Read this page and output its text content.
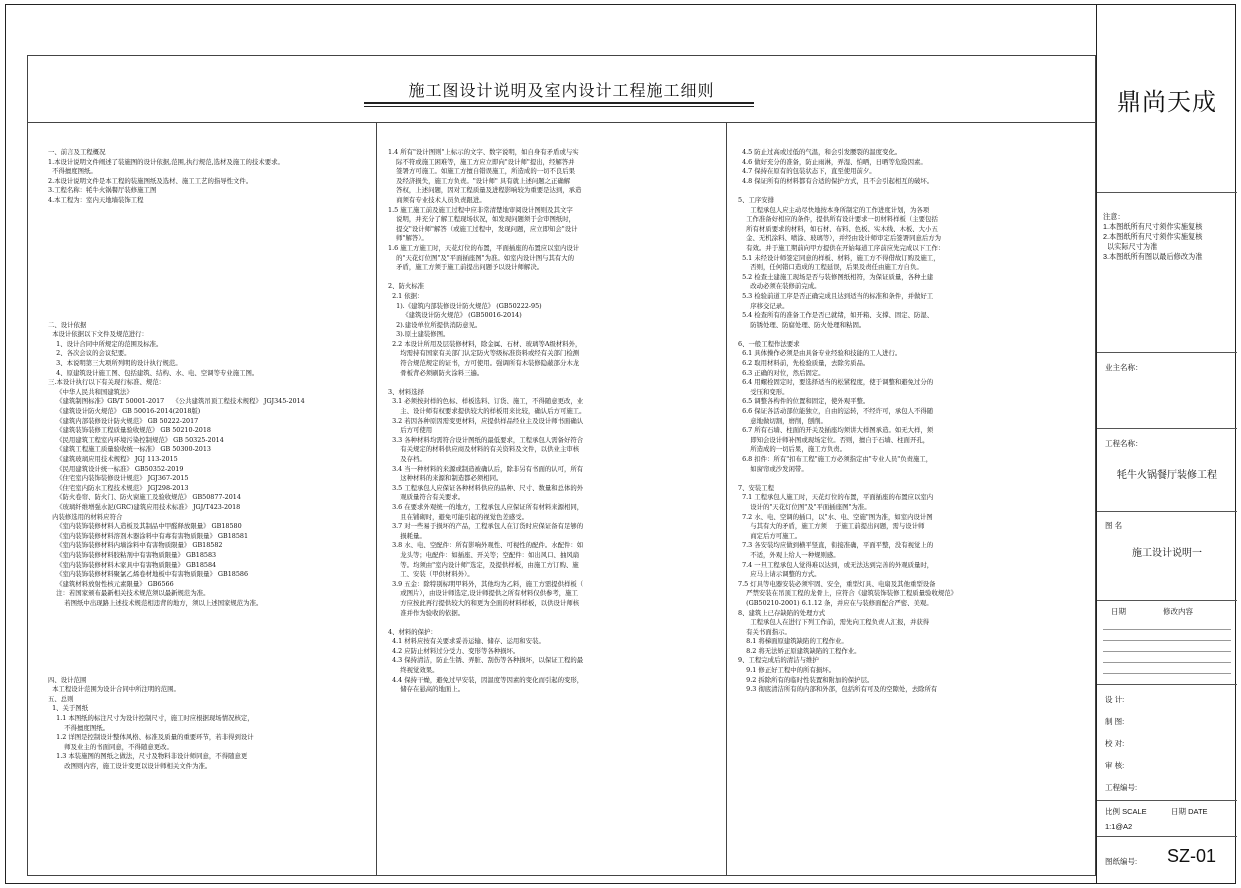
施工图设计说明及室内设计工程施工细则
一、前言及工程概况
1.本设计说明文件阐述了装施图的设计依据,范围,执行规范,选材及施工的技术要求。
不得擅度图纸。
2.本设计说明文件是本工程的装施图纸及选材、施工工艺的指导性文件。
3.工程名称：牦牛火锅餐厅装修施工图
4.本工程为：室内天地墙装饰工程

二、设计依据
本设计依据以下文件及规范进行：
1、设计合同中所规定的范围及标准。
2、各次会议的会议纪要。
3、本说明第三大项所列明的设计执行规范。
4、原建筑设计施工图、包括建筑、结构、水、电、空调等专业施工图。
三.本设计执行以下有关现行标准、规范：
《中华人民共和国建筑法》
《建筑制图标准》GB/T 50001-2017    《公共建筑吊顶工程技术规程》 JGJ345-2014
《建筑设计防火规范》 GB 50016-2014(2018版)
《建筑内部装修设计防火规范》 GB 50222-2017
《建筑装饰装修工程质量验收规范》 GB 50210-2018
《民用建筑工程室内环境污染控制规范》 GB 50325-2014
《建筑工程施工质量验收统一标准》 GB 50300-2013
《建筑玻璃应用技术规程》 JGJ 113-2015
《民用建筑设计统一标准》 GB50352-2019
《住宅室内装饰装修设计规范》 JGJ367-2015
《住宅室内防水工程技术规范》 JGJ298-2013
《防火卷帘、防火门、防火窗施工及验收规范》 GB50877-2014
《玻璃纤维增强水泥(GRC)建筑应用技术标准》 JGJ/T423-2018
内装修选用的材料应符合
《室内装饰装修材料人造板及其制品中甲醛释放限量》 GB18580
《室内装饰装修材料溶剂木器涂料中有毒有害物质限量》 GB18581
《室内装饰装修材料内墙涂料中有害物质限量》 GB18582
《室内装饰装修材料胶粘剂中有害物质限量》 GB18583
《室内装饰装修材料木家具中有害物质限量》 GB18584
《室内装饰装修材料聚氯乙烯卷材地板中有害物质限量》 GB18586
《建筑材料放射性核元素限量》 GB6566
注：若国家颁布最新相关技术规范须以最新规范为准。
若图纸中出现路上述技术规范相违背的地方，须以上述国家规范为准。

四、设计范围
本工程设计范围为设计合同中所注明的范围。
五、总则
1、关于图纸
1.1 本图纸的标注尺寸为设计控制尺寸，施工时应根据现场情况核定，
不得擅度图纸。
1.2 详图是控制设计整体风格、标准及质量的重要环节，若非得到设计
师及业主的书面同意，不得随意更改。
1.3 本装施图的图纸之做法，尺寸及物料非设计师同意，不得随意更
改图则内容，施工设计变更以设计师相关文件为准。
1.4 所有"设计图则"上标示的文字、数字说明，如自身有矛盾或与实
际不符或施工困难等，施工方应立即向"设计师"提出，经解答并
签署方可施工。如施工方擅自错误施工，所造成的一切不良后果
及经济损失，施工方负责。"设计师" 具有就上述问题之正确解
答权，上述问题，因对工程质量及进程影响较为重要是达到，承造
商须有专业技术人员负责跟进。
1.5 施工施工前及施工过程中应非常清楚地审阅设计图则及其文字
说明，并充分了解工程现场状况，如发现问题须于会审图纸时，
提交"设计师"解答（或施工过程中，发现问题，应立即知会"设计
师"解答）。
1.6 施工方施工时，天花灯位的布置，平面插座的布置应以室内设计
的"天花灯位图"及"平面插座图"为准。如室内设计图与其有大的
矛盾，施工方须于施工前提出问题予以设计师解决。

2、防火标准
2.1 依据：
1).《建筑内部装修设计防火规范》 (GB50222-95)
《建筑设计防火规范》 (GB50016-2014)
2).建设单位所提供消防意见。
3).原土建装修图。
2.2 本设计所用及层装修材料，除金属、石材、玻璃等A级材料外，
均需持有国家有关部门认定防火等级标准资料或经有关部门检测
符合规范规定的证书，方可使用。强调所有木装修隐蔽部分木龙
骨板背必须刷防火涂料三遍。

3、材料选择
3.1 必须按封样的色标、样板选料、订货、施工，不得随意更改，业
主、设计师有权要求提供较大的样板用来比较，确认后方可施工。
3.2 若因各种原因需变更材料，应提供样品经业主及设计师书面确认
后方可使用
3.3 各种材料均需符合设计图纸的最低要求，工程承包人需备好符合
有关规定的材料供应商及材料的有关资料及文件，以供业主审核
及存档。
3.4 当一种材料的来源或制造被确认后，除非另有书面的认可，所有
这种材料的来源和制造都必须相同。
3.5 工程承包人应保证各种材料供应的品种、尺寸、数量和总体的外
观质量符合有关要求。
3.6 在要求外观统一的地方，工程承包人应保证所有材料来源相同，
且在铺砌时，避免可能引起的视觉色差感受。
3.7 对一些易于损坏的产品，工程承包人在订货时应保证备有足够的
损耗量。
3.8 水、电、空配件：所有影响外观性、可视性的配件。水配件：如
龙头等；电配件：如插座、开关等；空配件：如出风口、抽风扇
等。均须由"室内设计师"选定，及提供样板，由施工方订购、施
工、安装（甲供材料外）。
3.9 五金：除特别标明甲料外，其他均为乙料，施工方需提供样板（
或图片），由设计师选定,设计师提供之所有材料仅供参考，施工
方应按此再行提供较大的和更为全面的材料样板，以供设计师核
准并作为验收的依据。

4、材料的保护：
4.1 材料应按有关要求妥善运输、储存、运用和安装。
4.2 应防止材料过分受力、变形等各种损坏。
4.3 保持清洁，防止生锈、弄脏、刮伤等各种损坏，以保证工程的最
终视觉效果。
4.4 保持干燥，避免过早安装，因温度等因素的变化而引起的变形，
储存在悬高的地面上。
4.5 防止过高或过低的气温，和会引发腰裂的温度变化。
4.6 做好充分的准备，防止雨淋，弄湿、怕晒，日晒等危险因素。
4.7 保持在原有的包装状态下，直至使用前夕。
4.8 保证所有的材料都有合适的保护方式，且不会引起相互的破坏。

5、工序安排
工程承包人应主动尽快地按本身所制定的工作进度计划，为各项
工作准备好相应的条件，提供所有设计要求一切材料样板（主要包括
所有材质要求的材料，如石材、布料、色板、实木线、木板、大小五
金、无机涂料、喷涂、玻璃等），并经由设计师审定后签署同意后方为
有效。并于施工期前向甲方提供在开始每道工序前应先完成以下工作：
5.1 未经设计师签定同意的样板、材料，施工方不得借故订购及施工，
否则，任何错口造成的工程延误，后果及责任由施工方自负。
5.2 检查土建施工现场是否与装修图纸相符，为保证质量，各种土建
改动必须在装修前完成。
5.3 检验前道工序是否正确完成且达到适当的标准和条件，并做好工
序移交记录。
5.4 检查所有的准备工作是否已就绪，如开箱、支撑、固定、防湿、
防锈处理、防腐处理、防火处理和粘固。

6、一般工程作法要求
6.1 具体操作必须是由具备专业经验和技能的工人进行。
6.2 取用材料前，先检验质量，去除劣质品。
6.3 正确的对位，然后固定。
6.4 用螺栓固定时，要选择适当的松紧程度，使于调整和避免过分的
受压和变形。
6.5 调整各构件的位置和固定，使外观平整。
6.6 保证各活动部位能独立，自由的运转，不经许可，承包人不得随
意地做切割，磨削，刨削。
6.7 所有石墙、柱面的开关及插座均须讲大样图承造。如无大样，须
即知会设计师补图或现场定位。否则，擅自于石墙、柱面开孔，
所造成的一切后果，施工方负责。
6.8 扣件：所有"扣布工程"施工方必须指定由"专业人员"负责施工，
如窗帘或沙发闲带。

7、安装工程
7.1 工程承包人施工时，天花灯位的布置，平面插座的布置应以室内
设计的"天花灯位图"及"平面插座图"为准。
7.2 水、电、空调的插口，以"水、电、空施"图为准，如室内设计图
与其有大的矛盾，施工方须    于施工前提出问题，需与设计师
商定后方可施工。
7.3 各安装均应做到横平竖直，衔接准确，平面平整，没有视觉上的
不适，外观上给人一种规则感。
7.4 一旦工程承包人觉得难以达到，或无法达到完善的外观质量时，
应马上请示调整的方式。
7.5 灯具等电器安装必须牢固、安全，重型灯具、电扇及其他重型设备
严禁安装在吊顶工程的龙骨上，应符合《建筑装饰装修工程质量验收规范》
(GB50210-2001) 6.1.12 条，并应在与装修面配合严密、美观。
8、建筑上已存缺陷的处理方式
工程承包人在进行下列工作前，需先向工程负责人汇报，并获得
有关书面指示。
8.1 将梯面原建筑缺陷的工程作业。
8.2 将无法矫正原建筑缺陷的工程作业。
9、工程完成后的清洁与维护
9.1 修正好工程中的所有损坏。
9.2 拆除所有的临时性装置和附加的保护层。
9.3 彻底清洁所有的内部和外部，包括所有可及的空隙处，去除所有
鼎尚天成
注意：
1.本图纸所有尺寸须作实施复核
2.本图纸所有尺寸须作实施复核
以实际尺寸为准
3.本图纸所有图以最后修改为准
业主名称：
工程名称：
牦牛火锅餐厅装修工程
图 名
施工设计说明一
日期	修改内容
设 计:
制 图:
校 对:
审 核:
工程编号:
比例 SCALE	日期 DATE
1:1@A2
图纸编号: SZ-01
